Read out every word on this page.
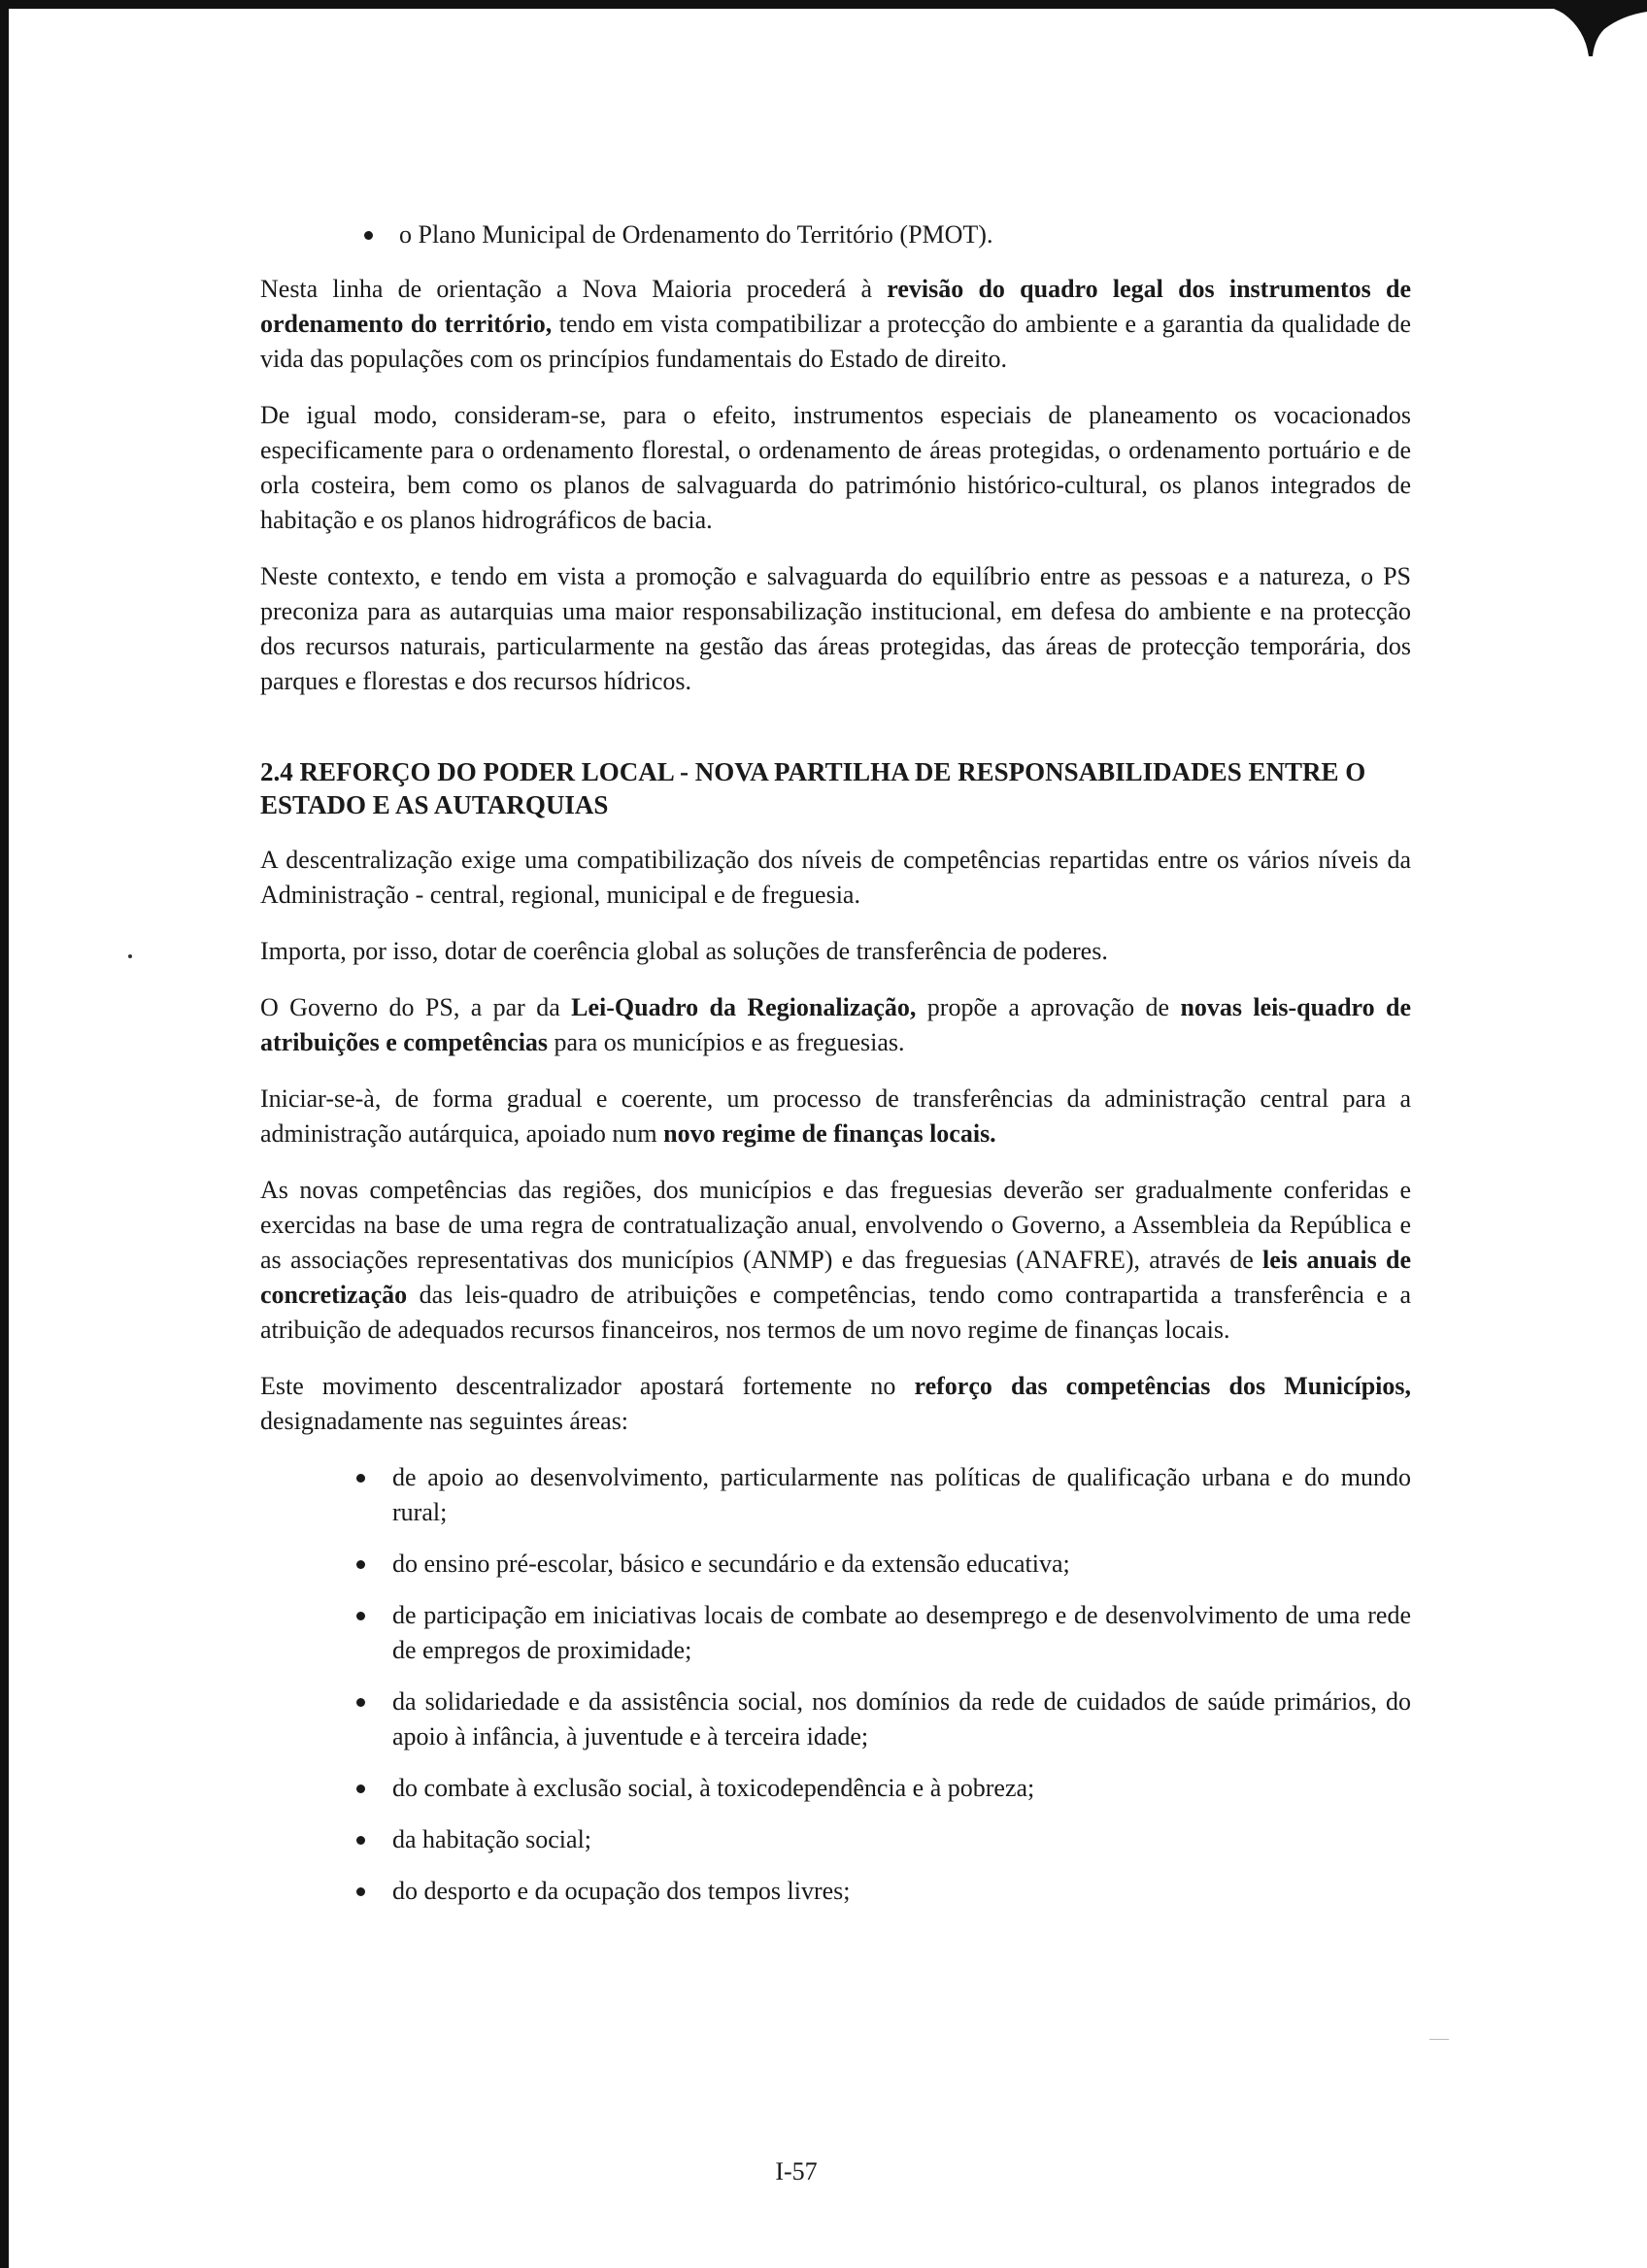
o Plano Municipal de Ordenamento do Território (PMOT).

Nesta linha de orientação a Nova Maioria procederá à revisão do quadro legal dos instrumentos de ordenamento do território, tendo em vista compatibilizar a protecção do ambiente e a garantia da qualidade de vida das populações com os princípios fundamentais do Estado de direito.

De igual modo, consideram-se, para o efeito, instrumentos especiais de planeamento os vocacionados especificamente para o ordenamento florestal, o ordenamento de áreas protegidas, o ordenamento portuário e de orla costeira, bem como os planos de salvaguarda do património histórico-cultural, os planos integrados de habitação e os planos hidrográficos de bacia.

Neste contexto, e tendo em vista a promoção e salvaguarda do equilíbrio entre as pessoas e a natureza, o PS preconiza para as autarquias uma maior responsabilização institucional, em defesa do ambiente e na protecção dos recursos naturais, particularmente na gestão das áreas protegidas, das áreas de protecção temporária, dos parques e florestas e dos recursos hídricos.

2.4 REFORÇO DO PODER LOCAL - NOVA PARTILHA DE RESPONSABILIDADES ENTRE O ESTADO E AS AUTARQUIAS

A descentralização exige uma compatibilização dos níveis de competências repartidas entre os vários níveis da Administração - central, regional, municipal e de freguesia.

Importa, por isso, dotar de coerência global as soluções de transferência de poderes.

O Governo do PS, a par da Lei-Quadro da Regionalização, propõe a aprovação de novas leis-quadro de atribuições e competências para os municípios e as freguesias.

Iniciar-se-à, de forma gradual e coerente, um processo de transferências da administração central para a administração autárquica, apoiado num novo regime de finanças locais.

As novas competências das regiões, dos municípios e das freguesias deverão ser gradualmente conferidas e exercidas na base de uma regra de contratualização anual, envolvendo o Governo, a Assembleia da República e as associações representativas dos municípios (ANMP) e das freguesias (ANAFRE), através de leis anuais de concretização das leis-quadro de atribuições e competências, tendo como contrapartida a transferência e a atribuição de adequados recursos financeiros, nos termos de um novo regime de finanças locais.

Este movimento descentralizador apostará fortemente no reforço das competências dos Municípios, designadamente nas seguintes áreas:

de apoio ao desenvolvimento, particularmente nas políticas de qualificação urbana e do mundo rural;
do ensino pré-escolar, básico e secundário e da extensão educativa;
de participação em iniciativas locais de combate ao desemprego e de desenvolvimento de uma rede de empregos de proximidade;
da solidariedade e da assistência social, nos domínios da rede de cuidados de saúde primários, do apoio à infância, à juventude e à terceira idade;
do combate à exclusão social, à toxicodependência e à pobreza;
da habitação social;
do desporto e da ocupação dos tempos livres;
I-57
